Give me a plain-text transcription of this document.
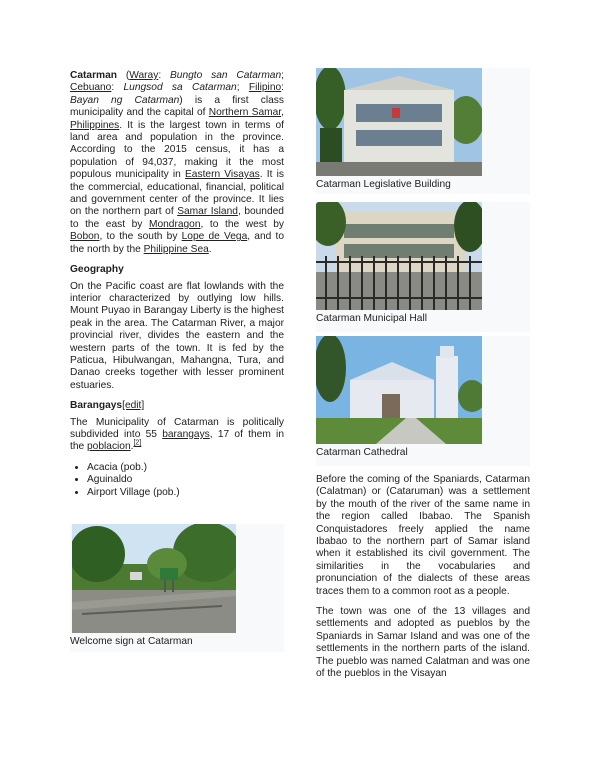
Catarman (Waray: Bungto san Catarman; Cebuano: Lungsod sa Catarman; Filipino: Bayan ng Catarman) is a first class municipality and the capital of Northern Samar, Philippines. It is the largest town in terms of land area and population in the province. According to the 2015 census, it has a population of 94,037, making it the most populous municipality in Eastern Visayas. It is the commercial, educational, financial, political and government center of the province. It lies on the northern part of Samar Island, bounded to the east by Mondragon, to the west by Bobon, to the south by Lope de Vega, and to the north by the Philippine Sea.

Geography

On the Pacific coast are flat lowlands with the interior characterized by outlying low hills. Mount Puyao in Barangay Liberty is the highest peak in the area. The Catarman River, a major provincial river, divides the eastern and the western parts of the town. It is fed by the Paticua, Hibulwangan, Mahangna, Tura, and Danao creeks together with lesser prominent estuaries.

Barangays[edit]

The Municipality of Catarman is politically subdivided into 55 barangays, 17 of them in the poblacion.[2]

• Acacia (pob.)
• Aguinaldo
• Airport Village (pob.)
Welcome sign at Catarman
Catarman Legislative Building
Catarman Municipal Hall
Catarman Cathedral

Before the coming of the Spaniards, Catarman (Calatman) or (Cataruman) was a settlement by the mouth of the river of the same name in the region called Ibabao. The Spanish Conquistadores freely applied the name Ibabao to the northern part of Samar island when it established its civil government. The similarities in the vocabularies and pronunciation of the dialects of these areas traces them to a common root as a people.

The town was one of the 13 villages and settlements and adopted as pueblos by the Spaniards in Samar Island and was one of the settlements in the northern parts of the island. The pueblo was named Calatman and was one of the pueblos in the Visayan
